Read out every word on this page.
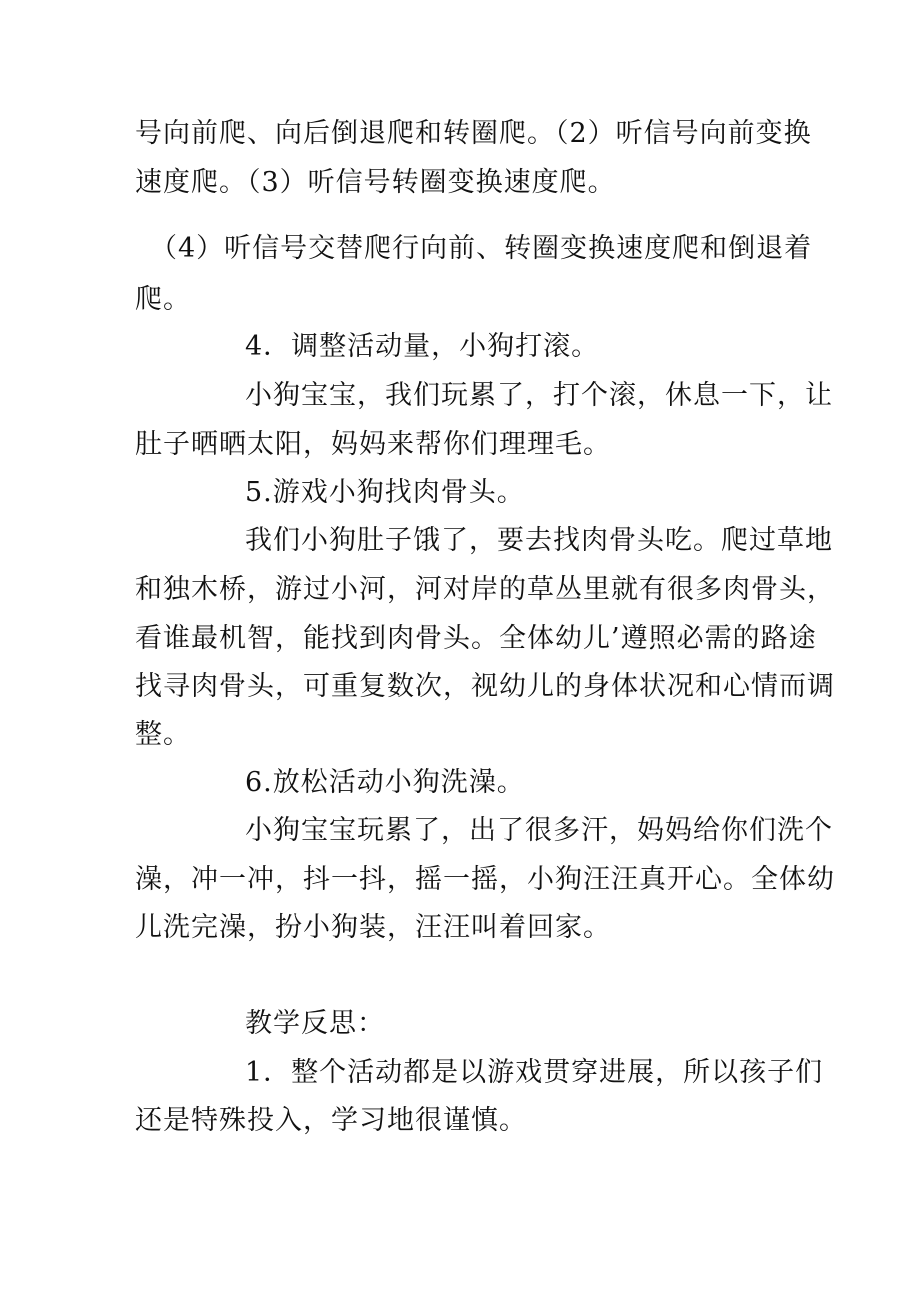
号向前爬、向后倒退爬和转圈爬。（2）听信号向前变换
速度爬。（3）听信号转圈变换速度爬。
（4）听信号交替爬行向前、转圈变换速度爬和倒退着
爬。
4．调整活动量，小狗打滚。
小狗宝宝，我们玩累了，打个滚，休息一下，让
肚子晒晒太阳，妈妈来帮你们理理毛。
5.游戏小狗找肉骨头。
我们小狗肚子饿了，要去找肉骨头吃。爬过草地
和独木桥，游过小河，河对岸的草丛里就有很多肉骨头，
看谁最机智，能找到肉骨头。全体幼儿’遵照必需的路途
找寻肉骨头，可重复数次，视幼儿的身体状况和心情而调
整。
6.放松活动小狗洗澡。
小狗宝宝玩累了，出了很多汗，妈妈给你们洗个
澡，冲一冲，抖一抖，摇一摇，小狗汪汪真开心。全体幼
儿洗完澡，扮小狗装，汪汪叫着回家。
教学反思：
1．整个活动都是以游戏贯穿进展，所以孩子们
还是特殊投入，学习地很谨慎。
